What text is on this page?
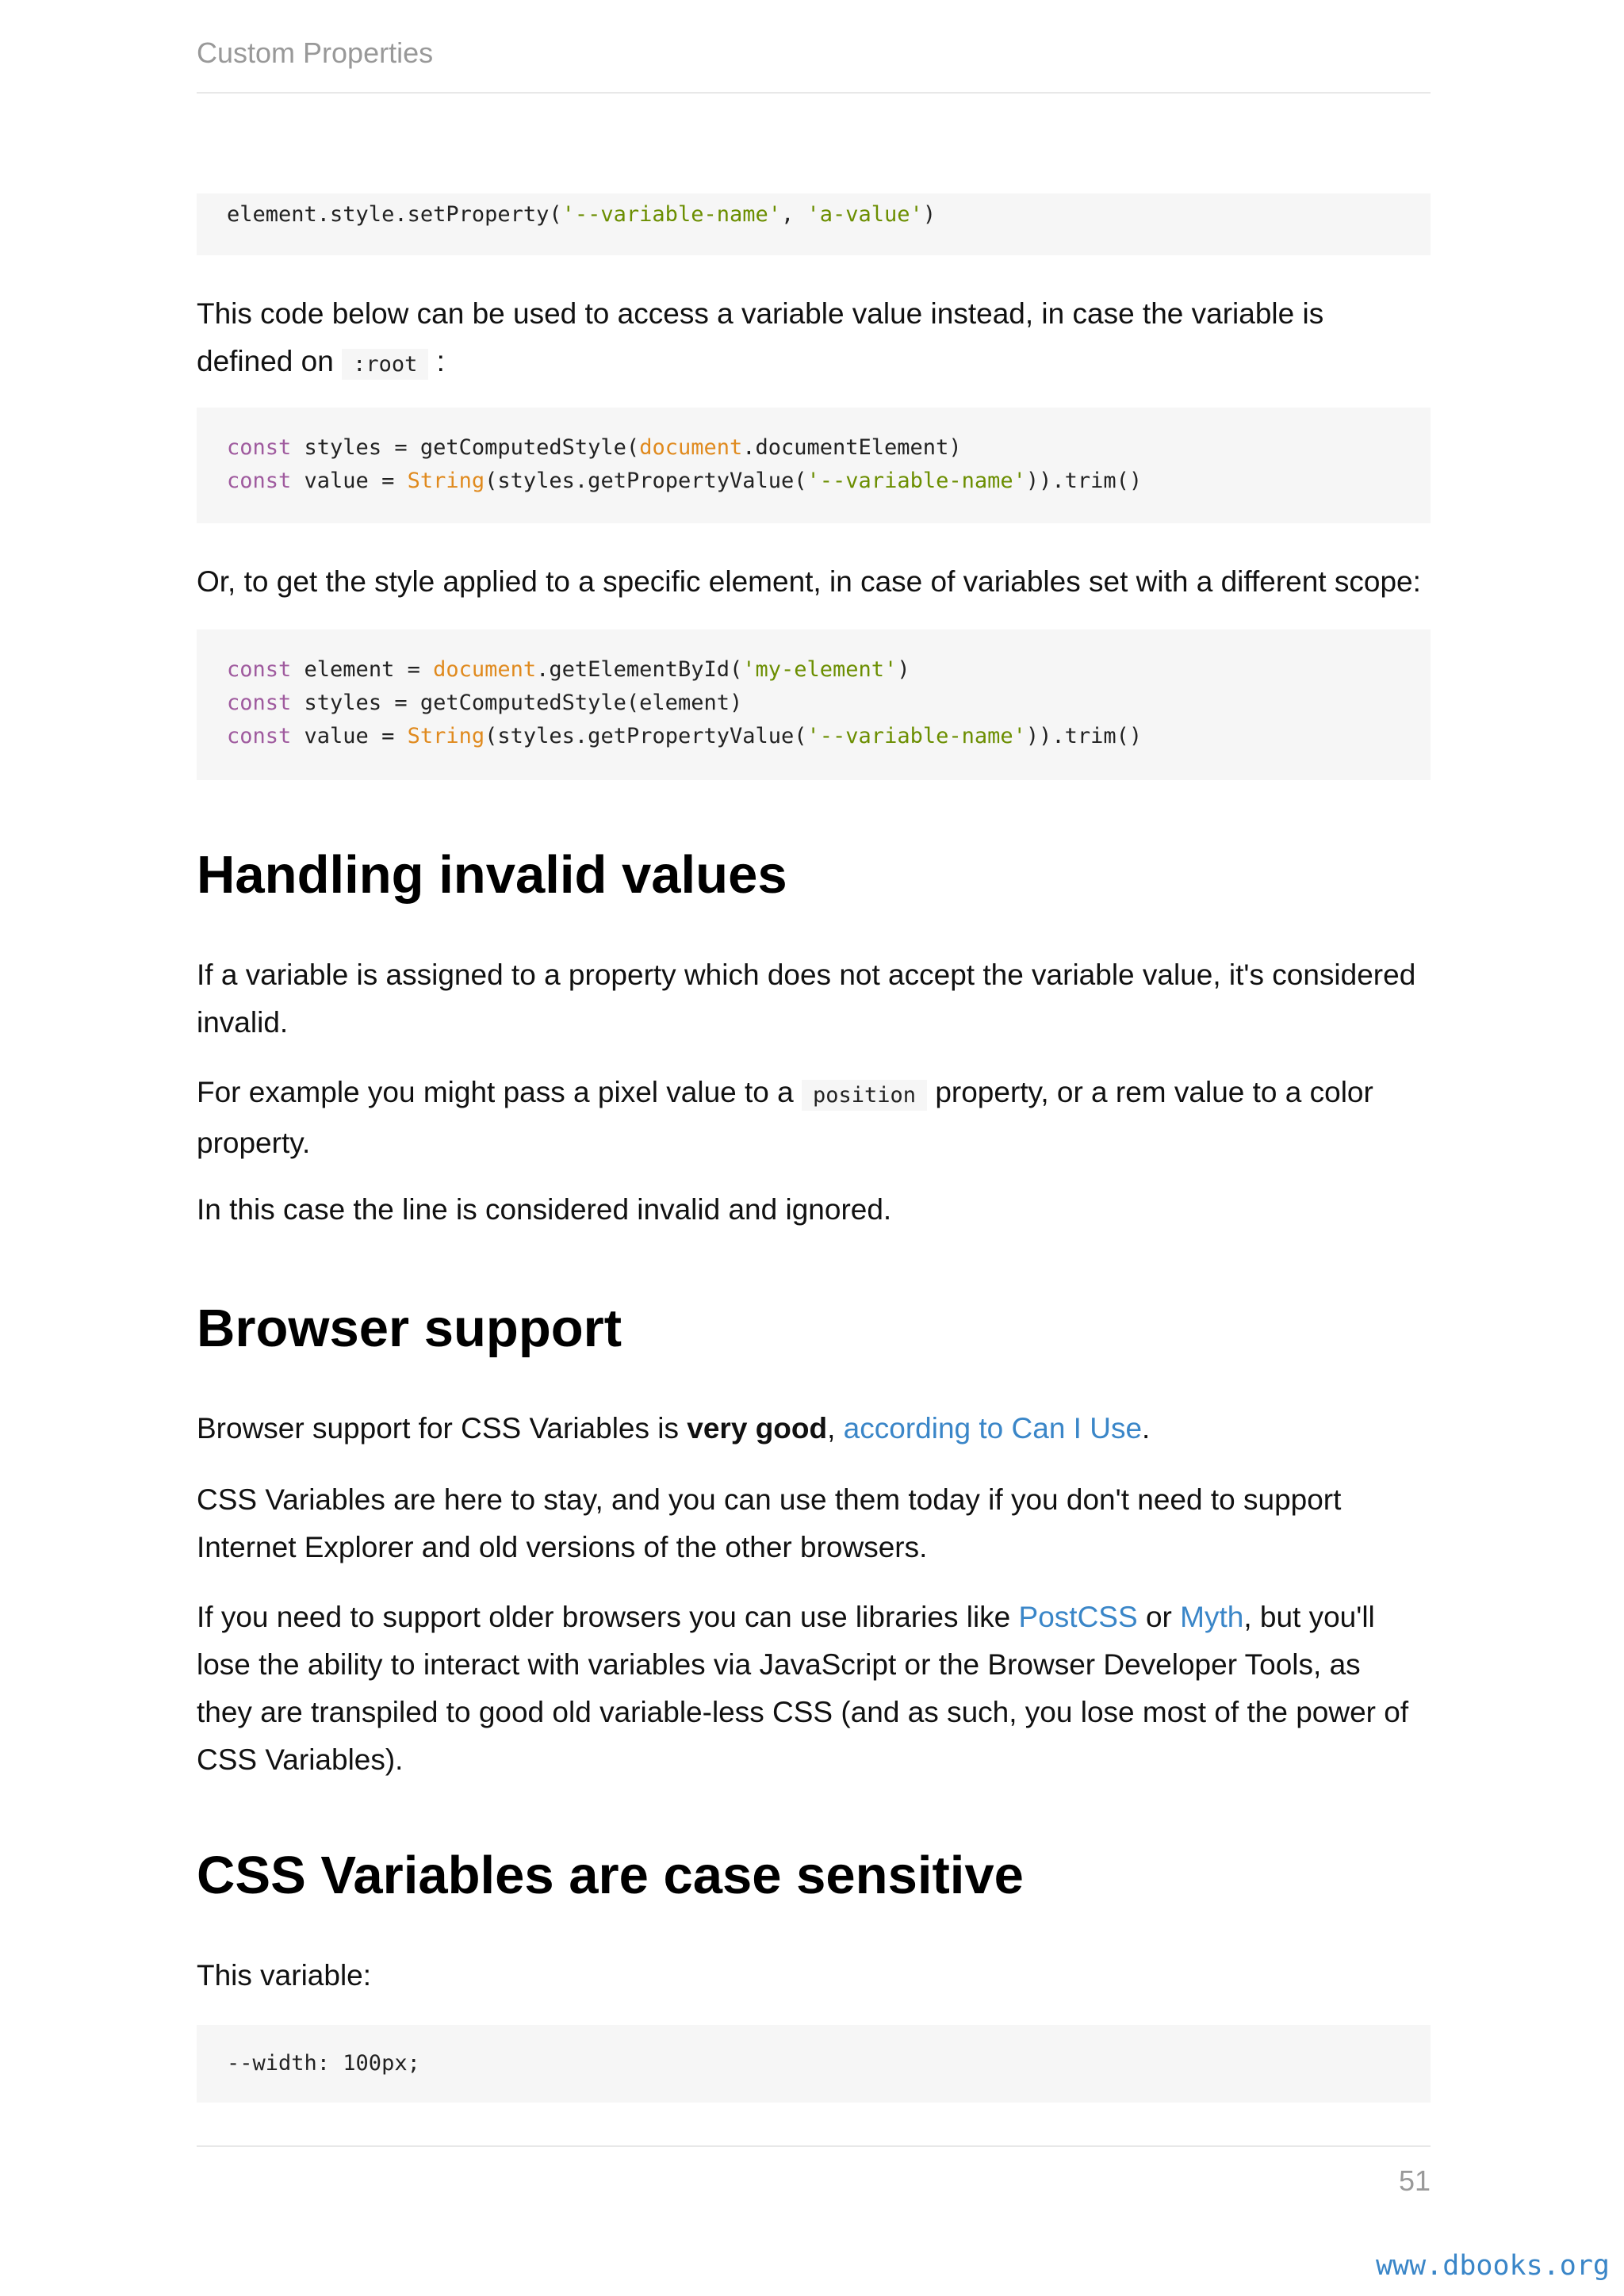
Custom Properties

element.style.setProperty('--variable-name', 'a-value')

This code below can be used to access a variable value instead, in case the variable is
defined on :root :

const styles = getComputedStyle(document.documentElement)

const value = String(styles.getPropertyValue('--variable-name')).trim()

Or, to get the style applied to a specific element, in case of variables set with a different scope:

const element = document.getElementById('my-element')

const styles = getComputedStyle(element)

const value = String(styles.getPropertyValue('--variable-name')).trim()

Handling invalid values
If a variable is assigned to a property which does not accept the variable value, it's considered
invalid.
For example you might pass a pixel value to a position property, or a rem value to a color
property.
In this case the line is considered invalid and ignored.
Browser support
Browser support for CSS Variables is very good, according to Can I Use.
CSS Variables are here to stay, and you can use them today if you don't need to support
Internet Explorer and old versions of the other browsers.
If you need to support older browsers you can use libraries like PostCSS or Myth, but you'll
lose the ability to interact with variables via JavaScript or the Browser Developer Tools, as
they are transpiled to good old variable-less CSS (and as such, you lose most of the power of
CSS Variables).
CSS Variables are case sensitive
This variable:

--width: 100px;

51
www.dbooks.org
